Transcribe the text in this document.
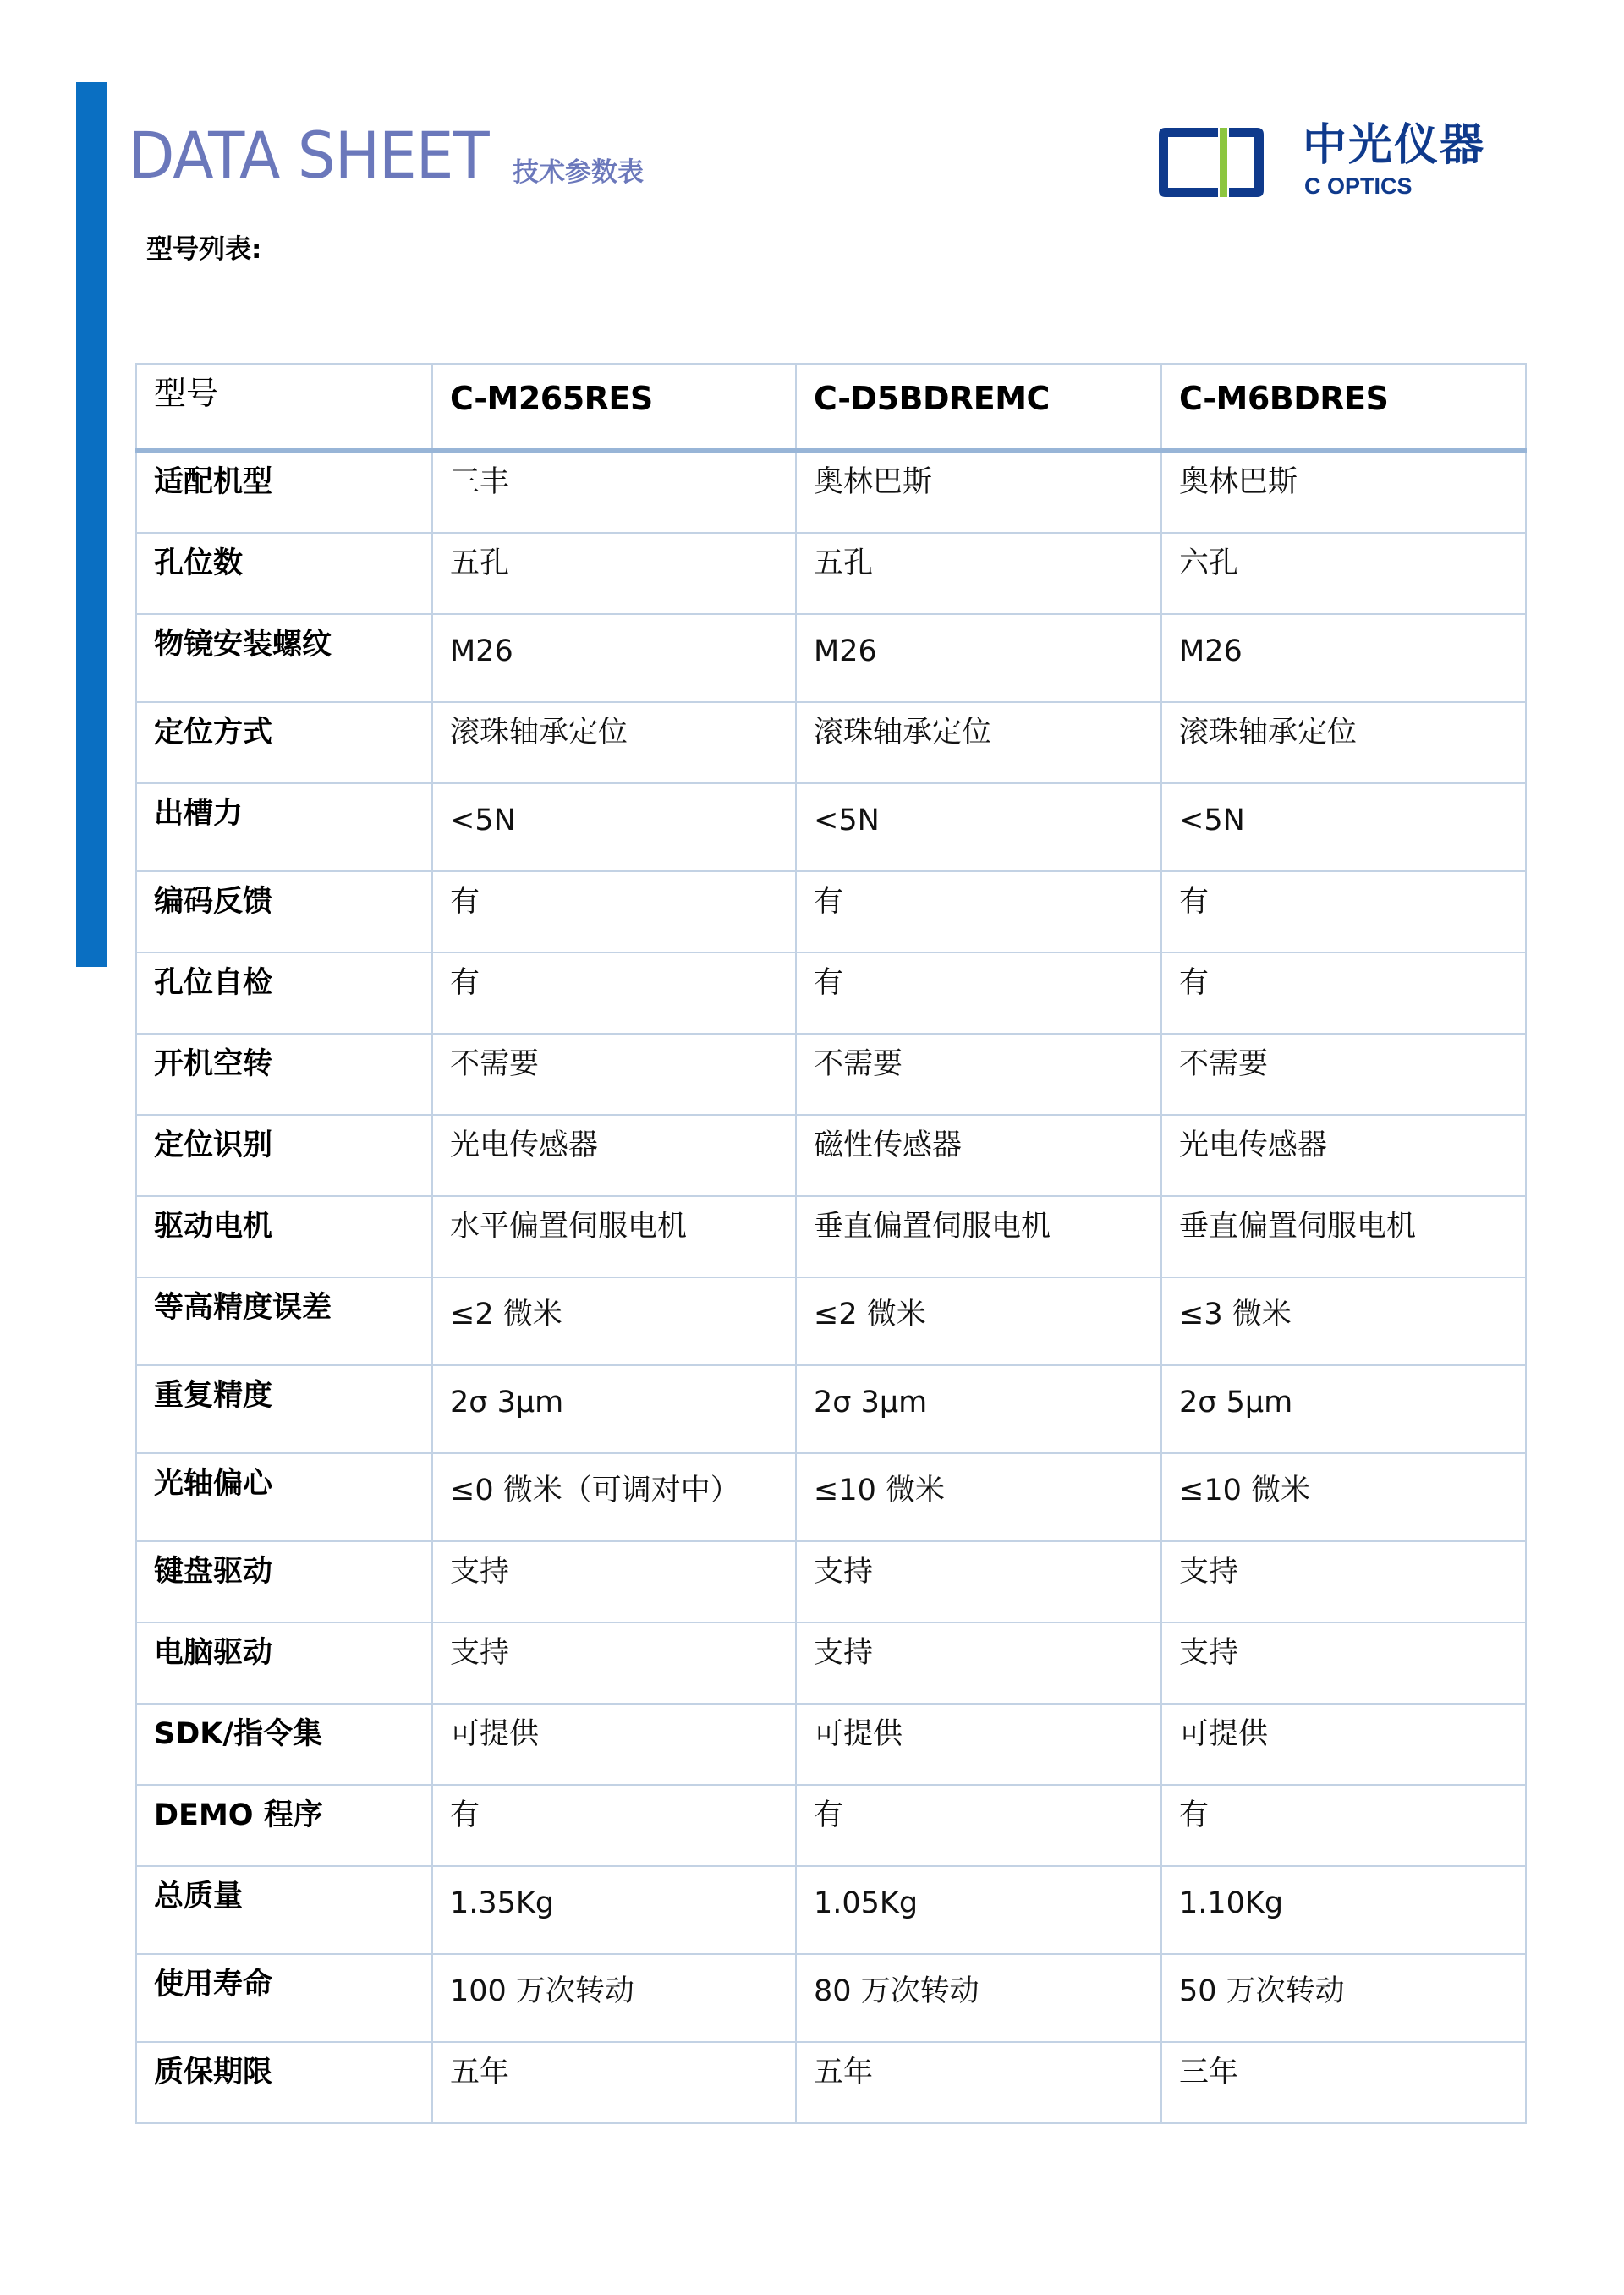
DATA SHEET 技术参数表
型号列表:
中光仪器
C OPTICS
型号	C-M265RES	C-D5BDREMC	C-M6BDRES
适配机型	三丰	奥林巴斯	奥林巴斯
孔位数	五孔	五孔	六孔
物镜安装螺纹	M26	M26	M26
定位方式	滚珠轴承定位	滚珠轴承定位	滚珠轴承定位
出槽力	<5N	<5N	<5N
编码反馈	有	有	有
孔位自检	有	有	有
开机空转	不需要	不需要	不需要
定位识别	光电传感器	磁性传感器	光电传感器
驱动电机	水平偏置伺服电机	垂直偏置伺服电机	垂直偏置伺服电机
等高精度误差	≤2 微米	≤2 微米	≤3 微米
重复精度	2σ 3μm	2σ 3μm	2σ 5μm
光轴偏心	≤0 微米（可调对中）	≤10 微米	≤10 微米
键盘驱动	支持	支持	支持
电脑驱动	支持	支持	支持
SDK/指令集	可提供	可提供	可提供
DEMO 程序	有	有	有
总质量	1.35Kg	1.05Kg	1.10Kg
使用寿命	100 万次转动	80 万次转动	50 万次转动
质保期限	五年	五年	三年
